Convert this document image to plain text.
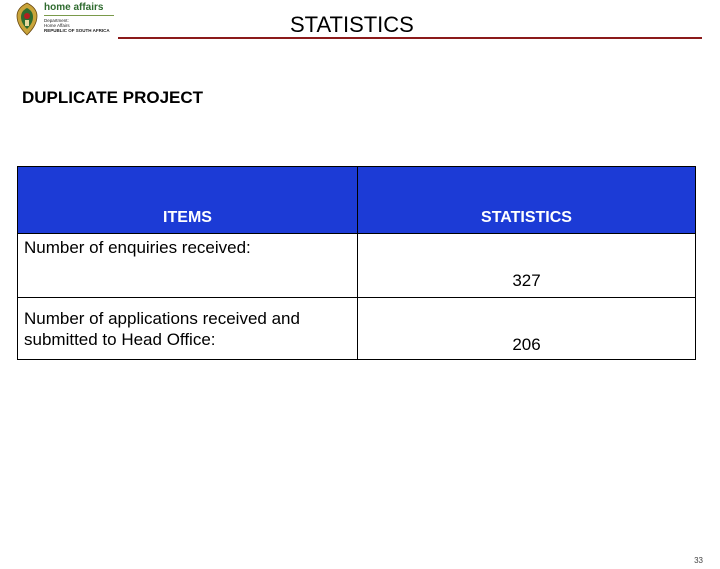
home affairs
Department:
Home Affairs
REPUBLIC OF SOUTH AFRICA	STATISTICS
DUPLICATE PROJECT
ITEMS	STATISTICS

Number of enquiries received:	327
Number of applications received and submitted to Head Office:	206
33
